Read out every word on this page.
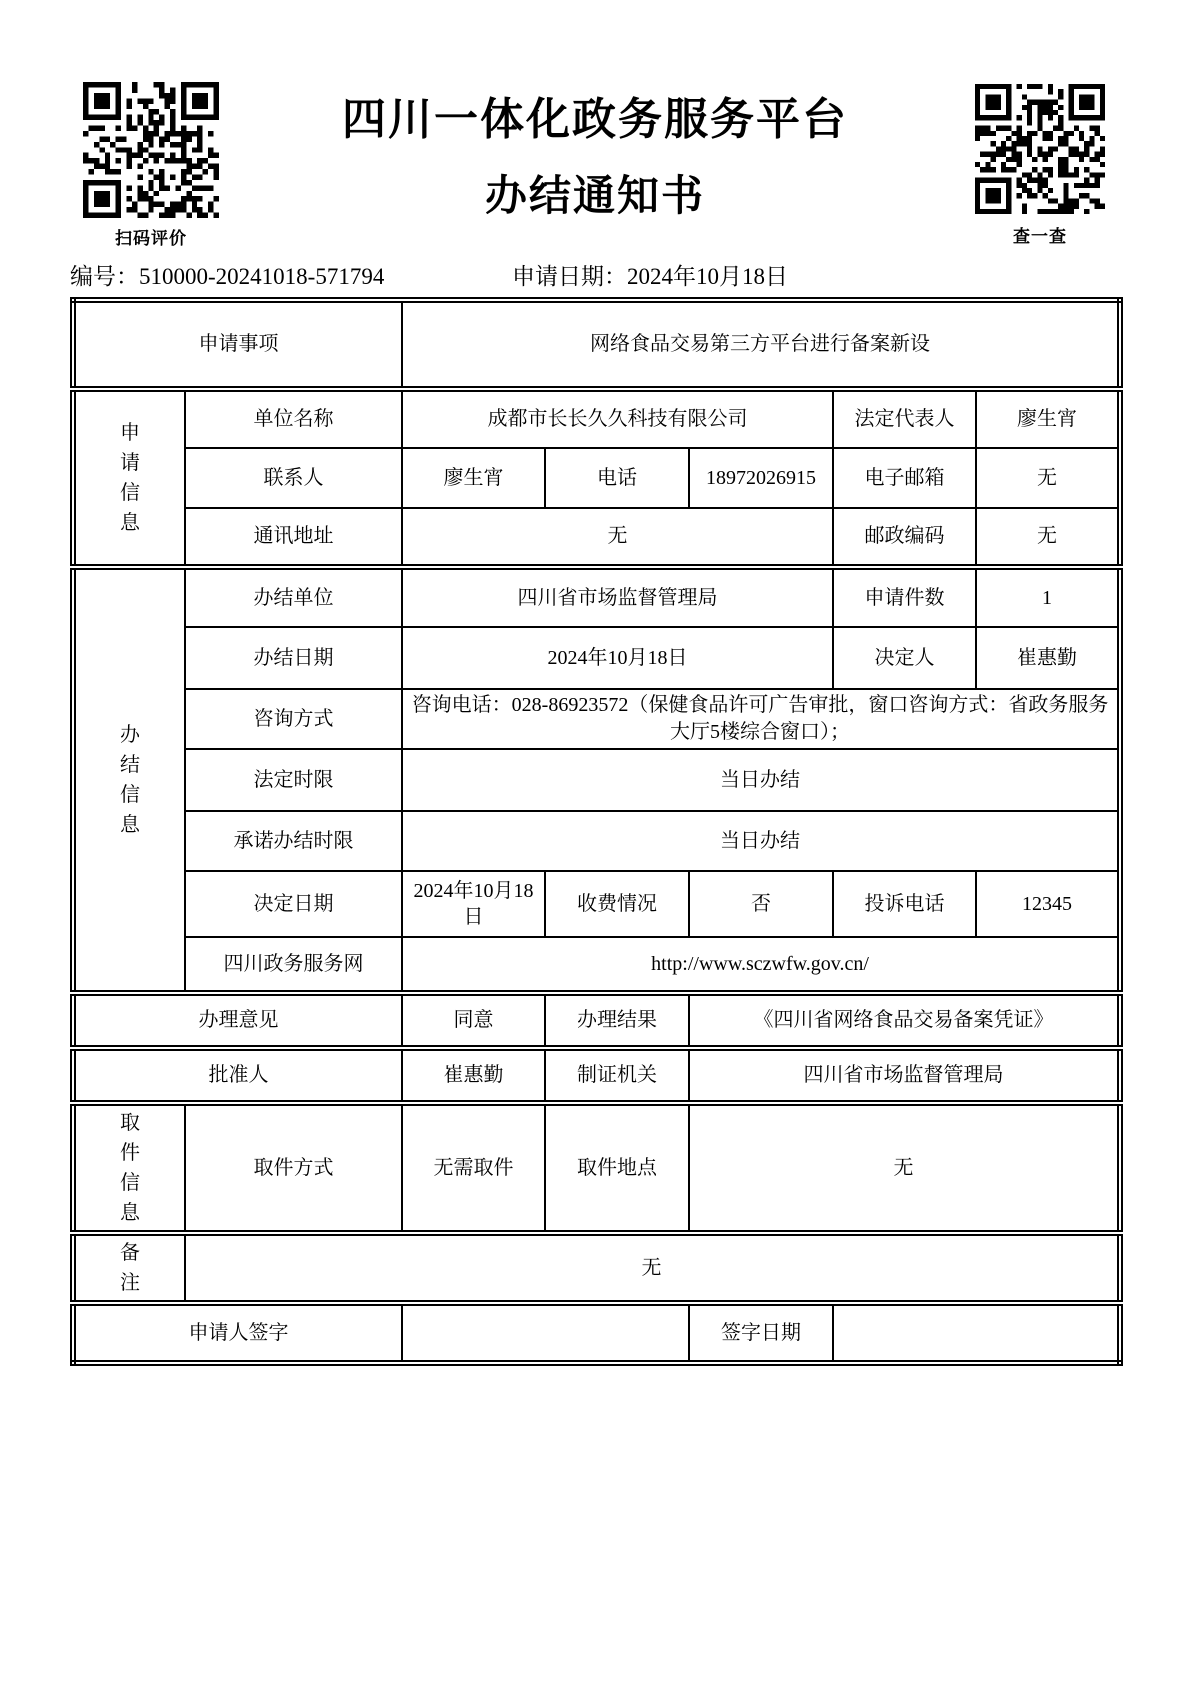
扫码评价	查一查
四川一体化政务服务平台
办结通知书
编号：510000-20241018-571794	申请日期：2024年10月18日
申请事项		网络食品交易第三方平台进行备案新设				
申请信息	单位名称	成都市长长久久科技有限公司			法定代表人	廖生宵
	联系人	廖生宵	电话	18972026915	电子邮箱	无
	通讯地址	无			邮政编码	无
办结信息	办结单位	四川省市场监督管理局			申请件数	1
	办结日期	2024年10月18日			决定人	崔惠勤
	咨询方式	咨询电话：028-86923572（保健食品许可广告审批，窗口咨询方式：省政务服务大厅5楼综合窗口）；				
	法定时限	当日办结				
	承诺办结时限	当日办结				
	决定日期	2024年10月18日	收费情况	否	投诉电话	12345
	四川政务服务网	http://www.sczwfw.gov.cn/				
办理意见		同意	办理结果	《四川省网络食品交易备案凭证》		
批准人		崔惠勤	制证机关	四川省市场监督管理局		
取件信息	取件方式	无需取件	取件地点	无		
备注	无					
申请人签字				签字日期		
